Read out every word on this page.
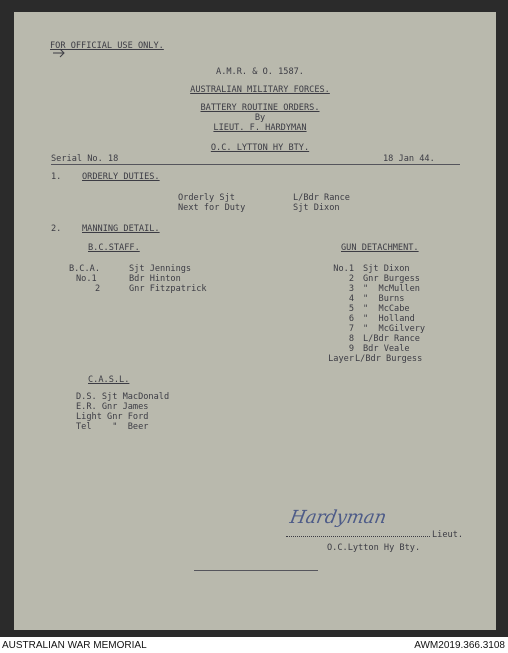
FOR OFFICIAL USE ONLY.
A.M.R. & O. 1587.
AUSTRALIAN MILITARY FORCES.
BATTERY ROUTINE ORDERS.
By
LIEUT. F. HARDYMAN
O.C. LYTTON HY BTY.
Serial No. 18	18 Jan 44.
1. ORDERLY DUTIES.
Orderly Sjt	L/Bdr Rance
Next for Duty	Sjt Dixon
2. MANNING DETAIL.
B.C.STAFF.
B.C.A.	Sjt Jennings
No.1	Bdr Hinton
2	Gnr Fitzpatrick
GUN DETACHMENT.
No.1 Sjt Dixon
2 Gnr Burgess
3 "  McMullen
4 "  Burns
5 "  McCabe
6 "  Holland
7 "  McGilvery
8 L/Bdr Rance
9 Bdr Veale
Layer L/Bdr Burgess
C.A.S.L.
D.S. Sjt MacDonald
E.R. Gnr James
Light Gnr Ford
Tel    "  Beer
Hardyman
Lieut.
O.C.Lytton Hy Bty.
AUSTRALIAN WAR MEMORIAL	AWM2019.366.3108
